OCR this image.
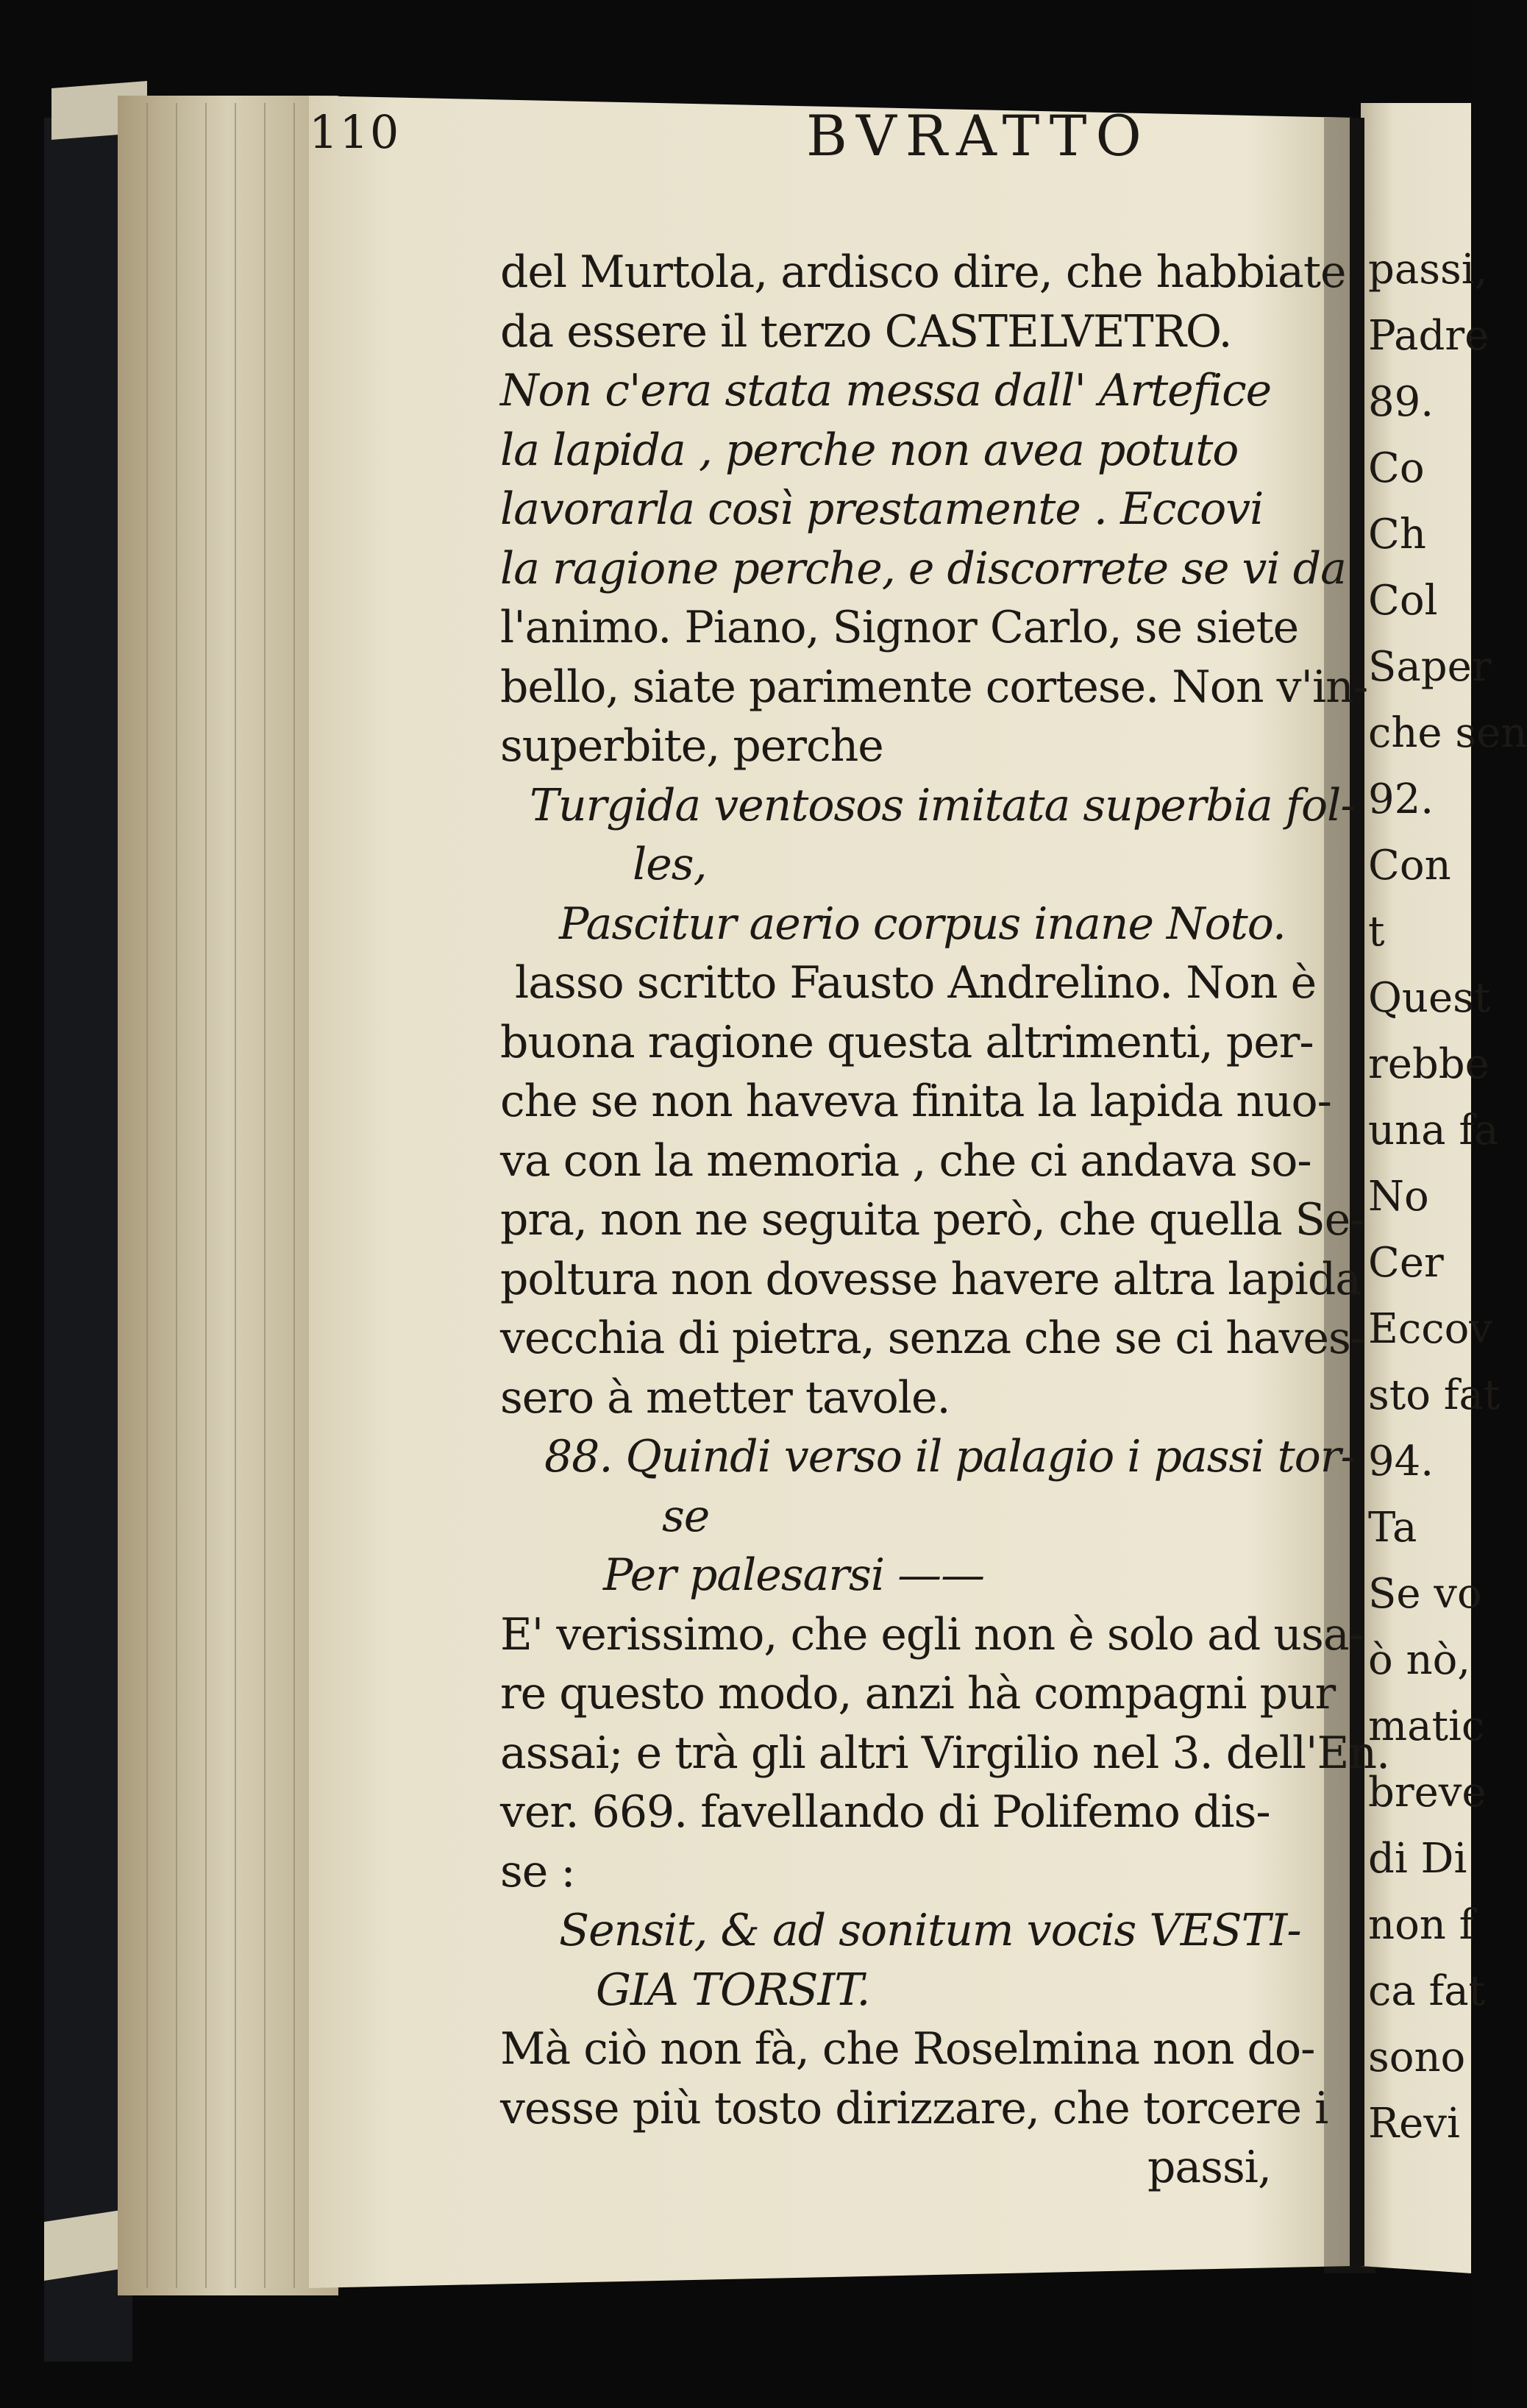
110	BVRATTO
del Murtola, ardisco dire, che habbiate
da essere il terzo CASTELVETRO.
Non c'era stata messa dall' Artefice
la lapida , perche non avea potuto
lavorarla così prestamente . Eccovi
la ragione perche, e discorrete se vi da
l'animo. Piano, Signor Carlo, se siete
bello, siate parimente cortese. Non v'in-
superbite, perche
Turgida ventosos imitata superbia fol-
les,
Pascitur aerio corpus inane Noto.
lasso scritto Fausto Andrelino. Non è
buona ragione questa altrimenti, per-
che se non haveva finita la lapida nuo-
va con la memoria , che ci andava so-
pra, non ne seguita però, che quella Se-
poltura non dovesse havere altra lapida
vecchia di pietra, senza che se ci haves-
sero à metter tavole.
88. Quindi verso il palagio i passi tor-
se
Per palesarsi ——
E' verissimo, che egli non è solo ad usa-
re questo modo, anzi hà compagni pur
assai; e trà gli altri Virgilio nel 3. dell'En.
ver. 669. favellando di Polifemo dis-
se :
Sensit, & ad sonitum vocis VESTI-
GIA TORSIT.
Mà ciò non fà, che Roselmina non do-
vesse più tosto dirizzare, che torcere i
passi,
passi,
Padre
89.
Co
Ch
Col
Saper
che sen
92.
Con
t
Quest
rebbe
una fa
No
Cer
Eccov
sto fat
94.
Ta
Se vo
ò nò,
matic
breve
di Di
non f
ca fat
sono
Revi
